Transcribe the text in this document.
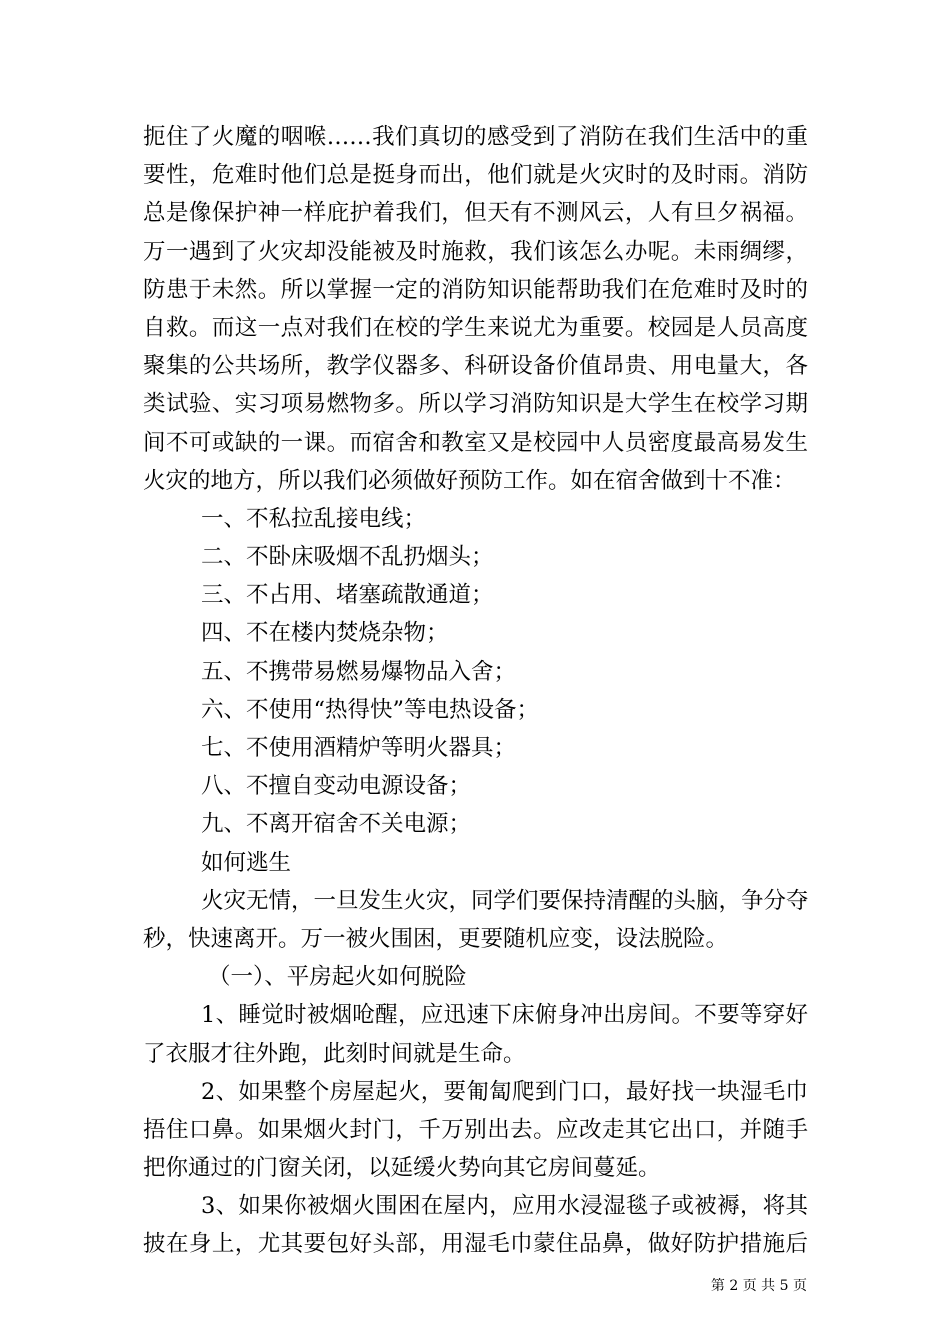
扼住了火魔的咽喉……我们真切的感受到了消防在我们生活中的重
要性，危难时他们总是挺身而出，他们就是火灾时的及时雨。消防
总是像保护神一样庇护着我们，但天有不测风云，人有旦夕祸福。
万一遇到了火灾却没能被及时施救，我们该怎么办呢。未雨绸缪，
防患于未然。所以掌握一定的消防知识能帮助我们在危难时及时的
自救。而这一点对我们在校的学生来说尤为重要。校园是人员高度
聚集的公共场所，教学仪器多、科研设备价值昂贵、用电量大，各
类试验、实习项易燃物多。所以学习消防知识是大学生在校学习期
间不可或缺的一课。而宿舍和教室又是校园中人员密度最高易发生
火灾的地方，所以我们必须做好预防工作。如在宿舍做到十不准：
一、不私拉乱接电线；
二、不卧床吸烟不乱扔烟头；
三、不占用、堵塞疏散通道；
四、不在楼内焚烧杂物；
五、不携带易燃易爆物品入舍；
六、不使用“热得快”等电热设备；
七、不使用酒精炉等明火器具；
八、不擅自变动电源设备；
九、不离开宿舍不关电源；
如何逃生
火灾无情，一旦发生火灾，同学们要保持清醒的头脑，争分夺
秒，快速离开。万一被火围困，更要随机应变，设法脱险。
（一）、平房起火如何脱险
1、睡觉时被烟呛醒，应迅速下床俯身冲出房间。不要等穿好
了衣服才往外跑，此刻时间就是生命。
2、如果整个房屋起火，要匍匐爬到门口，最好找一块湿毛巾
捂住口鼻。如果烟火封门，千万别出去。应改走其它出口，并随手
把你通过的门窗关闭，以延缓火势向其它房间蔓延。
3、如果你被烟火围困在屋内，应用水浸湿毯子或被褥，将其
披在身上，尤其要包好头部，用湿毛巾蒙住品鼻，做好防护措施后
第 2 页 共 5 页
